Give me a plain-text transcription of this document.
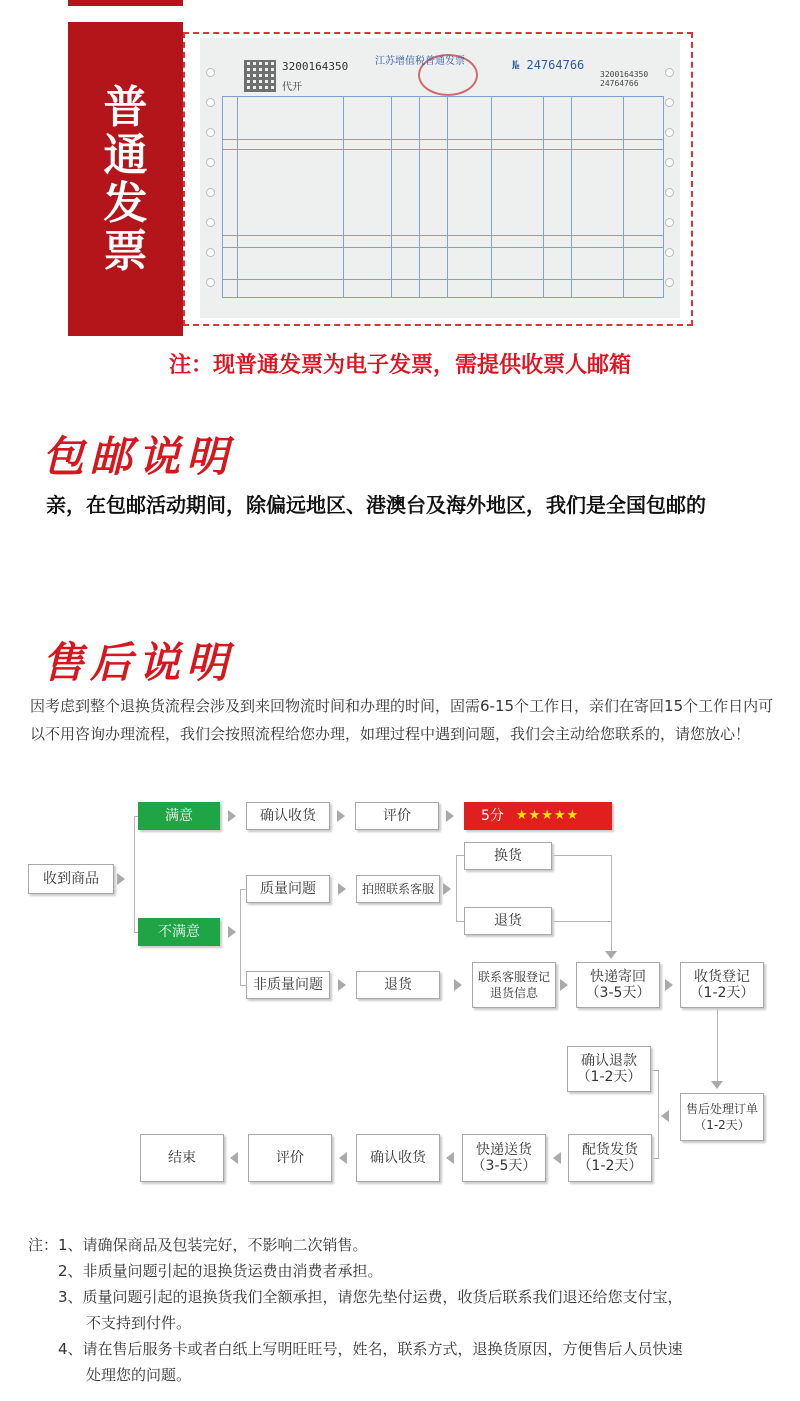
普
通
发
票
3200164350
代开
江苏增值税普通发票	№ 24764766
3200164350
24764766
注：现普通发票为电子发票，需提供收票人邮箱
包邮说明
亲，在包邮活动期间，除偏远地区、港澳台及海外地区，我们是全国包邮的
售后说明
因考虑到整个退换货流程会涉及到来回物流时间和办理的时间，固需6-15个工作日，亲们在寄回15个工作日内可以不用咨询办理流程，我们会按照流程给您办理，如理过程中遇到问题，我们会主动给您联系的，请您放心！
收到商品
满意	确认收货	评价	5分 ★★★★★
不满意
质量问题	拍照联系客服
换货
退货
非质量问题	退货	联系客服登记
退货信息
快递寄回
（3-5天）
收货登记
（1-2天）
确认退款
（1-2天）
售后处理订单
（1-2天）
配货发货
（1-2天）
快递送货
（3-5天）
确认收货
评价
结束
注：1、请确保商品及包装完好，不影响二次销售。
2、非质量问题引起的退换货运费由消费者承担。
3、质量问题引起的退换货我们全额承担，请您先垫付运费，收货后联系我们退还给您支付宝，
不支持到付件。
4、请在售后服务卡或者白纸上写明旺旺号，姓名，联系方式，退换货原因，方便售后人员快速
处理您的问题。
